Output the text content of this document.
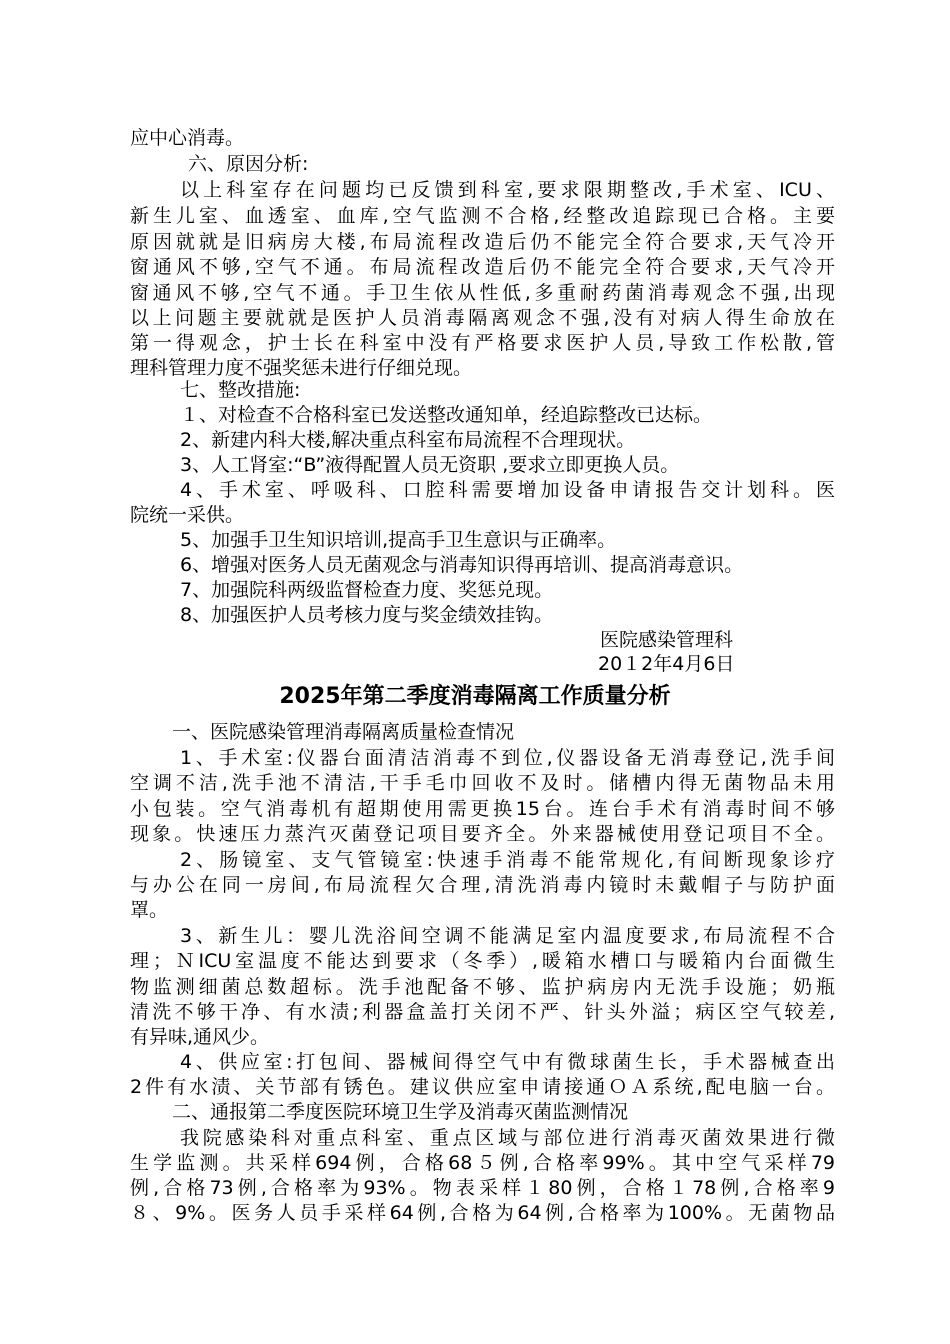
应中心消毒。
六、原因分析:
以上科室存在问题均已反馈到科室,要求限期整改,手术室、ICU、
新生儿室、血透室、血库,空气监测不合格,经整改追踪现已合格。主要
原因就就是旧病房大楼,布局流程改造后仍不能完全符合要求,天气冷开
窗通风不够,空气不通。布局流程改造后仍不能完全符合要求,天气冷开
窗通风不够,空气不通。手卫生依从性低,多重耐药菌消毒观念不强,出现
以上问题主要就就是医护人员消毒隔离观念不强,没有对病人得生命放在
第一得观念，护士长在科室中没有严格要求医护人员,导致工作松散,管
理科管理力度不强奖惩未进行仔细兑现。
七、整改措施:
１、对检查不合格科室已发送整改通知单，经追踪整改已达标。
2、新建内科大楼,解决重点科室布局流程不合理现状。
3、人工肾室:“B”液得配置人员无资职 ,要求立即更换人员。
4、手术室、呼吸科、口腔科需要增加设备申请报告交计划科。医
院统一采供。
5、加强手卫生知识培训,提高手卫生意识与正确率。
6、增强对医务人员无菌观念与消毒知识得再培训、提高消毒意识。
7、加强院科两级监督检查力度、奖惩兑现。
8、加强医护人员考核力度与奖金绩效挂钩。
医院感染管理科
20１2年4月6日
2025年第二季度消毒隔离工作质量分析
一、医院感染管理消毒隔离质量检查情况
1、手术室:仪器台面清洁消毒不到位,仪器设备无消毒登记,洗手间
空调不洁,洗手池不清洁,干手毛巾回收不及时。储槽内得无菌物品未用
小包装。空气消毒机有超期使用需更换15台。连台手术有消毒时间不够
现象。快速压力蒸汽灭菌登记项目要齐全。外来器械使用登记项目不全。
2、肠镜室、支气管镜室:快速手消毒不能常规化,有间断现象诊疗
与办公在同一房间,布局流程欠合理,清洗消毒内镜时未戴帽子与防护面
罩。
3、新生儿：婴儿洗浴间空调不能满足室内温度要求,布局流程不合
理；ＮICU室温度不能达到要求（冬季）,暖箱水槽口与暖箱内台面微生
物监测细菌总数超标。洗手池配备不够、监护病房内无洗手设施；奶瓶
清洗不够干净、有水渍;利器盒盖打关闭不严、针头外溢；病区空气较差,
有异味,通风少。
4、供应室:打包间、器械间得空气中有微球菌生长，手术器械查出
2件有水渍、关节部有锈色。建议供应室申请接通ＯＡ系统,配电脑一台。
二、通报第二季度医院环境卫生学及消毒灭菌监测情况
我院感染科对重点科室、重点区域与部位进行消毒灭菌效果进行微
生学监测。共采样694例，合格68５例,合格率99%。其中空气采样79
例,合格73例,合格率为93%。物表采样１80例，合格１78例,合格率9
８、9%。医务人员手采样64例,合格为64例,合格率为100%。无菌物品
